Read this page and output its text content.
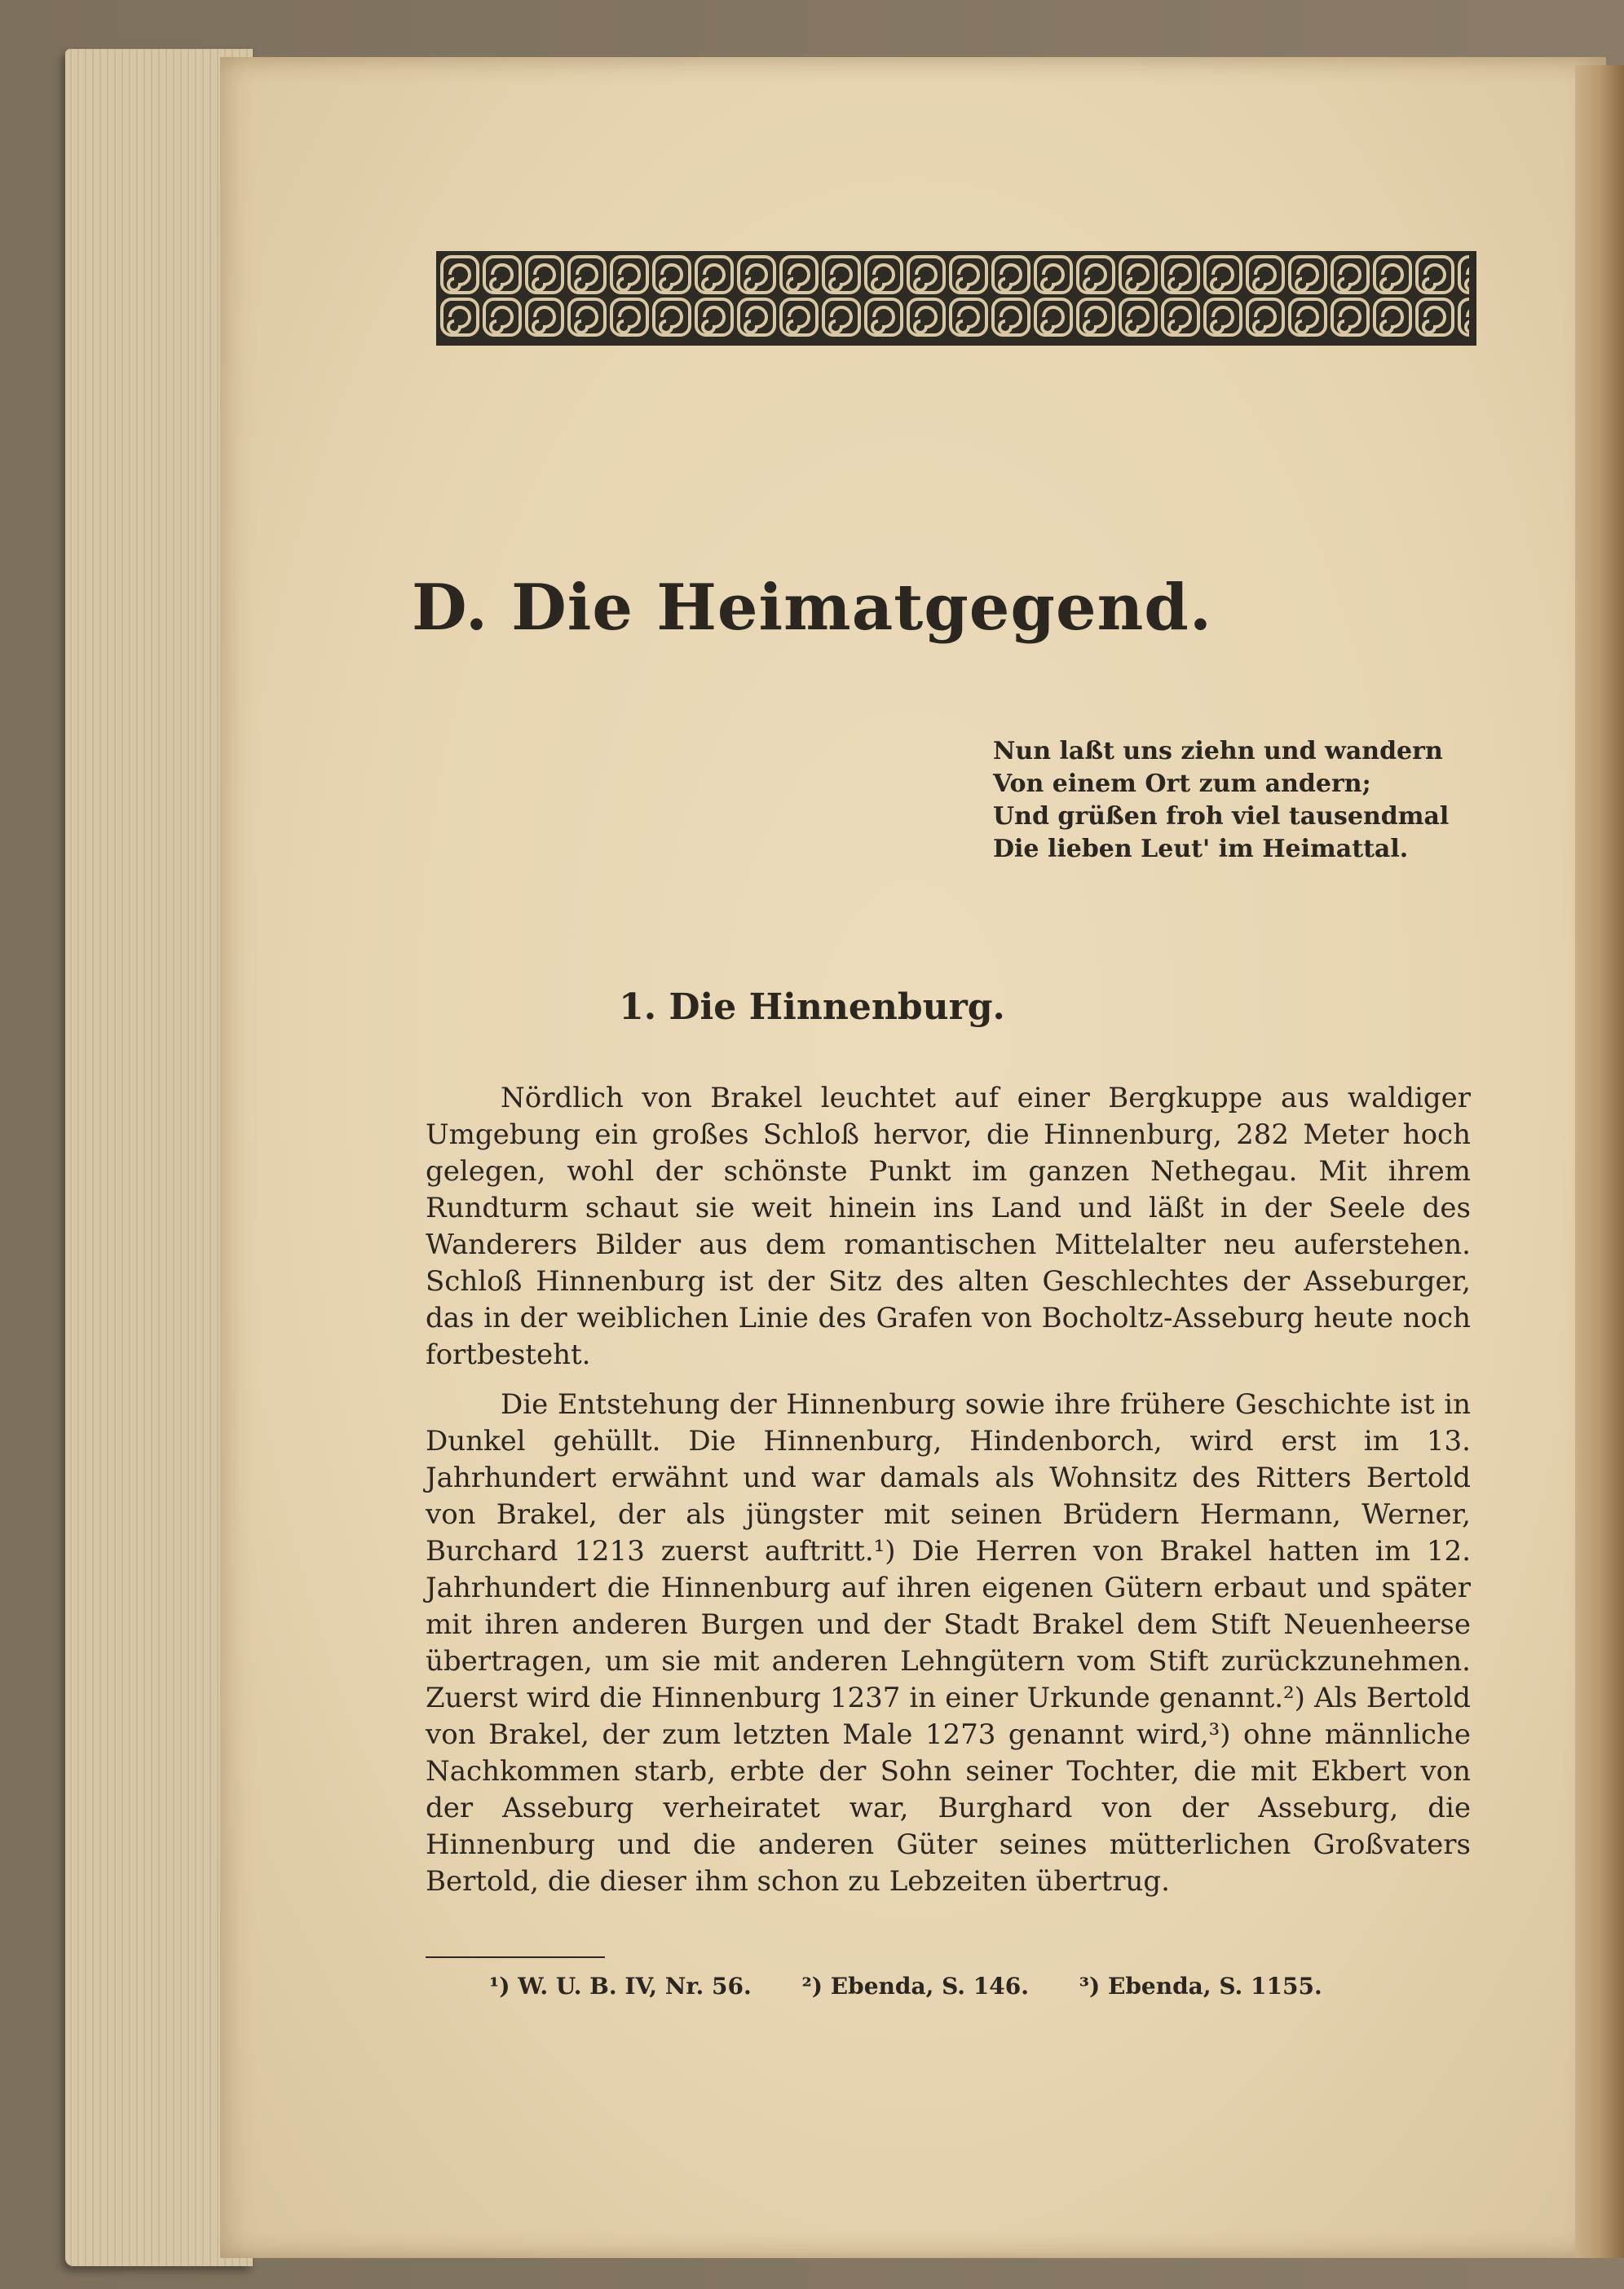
D. Die Heimatgegend.
Nun laßt uns ziehn und wandern
Von einem Ort zum andern;
Und grüßen froh viel tausendmal
Die lieben Leut' im Heimattal.
1. Die Hinnenburg.

Nördlich von Brakel leuchtet auf einer Bergkuppe aus waldiger Umgebung ein großes Schloß hervor, die Hinnenburg, 282 Meter hoch gelegen, wohl der schönste Punkt im ganzen Nethegau. Mit ihrem Rundturm schaut sie weit hinein ins Land und läßt in der Seele des Wanderers Bilder aus dem romantischen Mittelalter neu auferstehen. Schloß Hinnenburg ist der Sitz des alten Geschlechtes der Asseburger, das in der weiblichen Linie des Grafen von Bocholtz-Asseburg heute noch fortbesteht.

Die Entstehung der Hinnenburg sowie ihre frühere Geschichte ist in Dunkel gehüllt. Die Hinnenburg, Hindenborch, wird erst im 13. Jahrhundert erwähnt und war damals als Wohnsitz des Ritters Bertold von Brakel, der als jüngster mit seinen Brüdern Hermann, Werner, Burchard 1213 zuerst auftritt.¹) Die Herren von Brakel hatten im 12. Jahrhundert die Hinnenburg auf ihren eigenen Gütern erbaut und später mit ihren anderen Burgen und der Stadt Brakel dem Stift Neuenheerse übertragen, um sie mit anderen Lehngütern vom Stift zurückzunehmen. Zuerst wird die Hinnenburg 1237 in einer Urkunde genannt.²) Als Bertold von Brakel, der zum letzten Male 1273 genannt wird,³) ohne männliche Nachkommen starb, erbte der Sohn seiner Tochter, die mit Ekbert von der Asseburg verheiratet war, Burghard von der Asseburg, die Hinnenburg und die anderen Güter seines mütterlichen Großvaters Bertold, die dieser ihm schon zu Lebzeiten übertrug.

¹) W. U. B. IV, Nr. 56. ²) Ebenda, S. 146. ³) Ebenda, S. 1155.
